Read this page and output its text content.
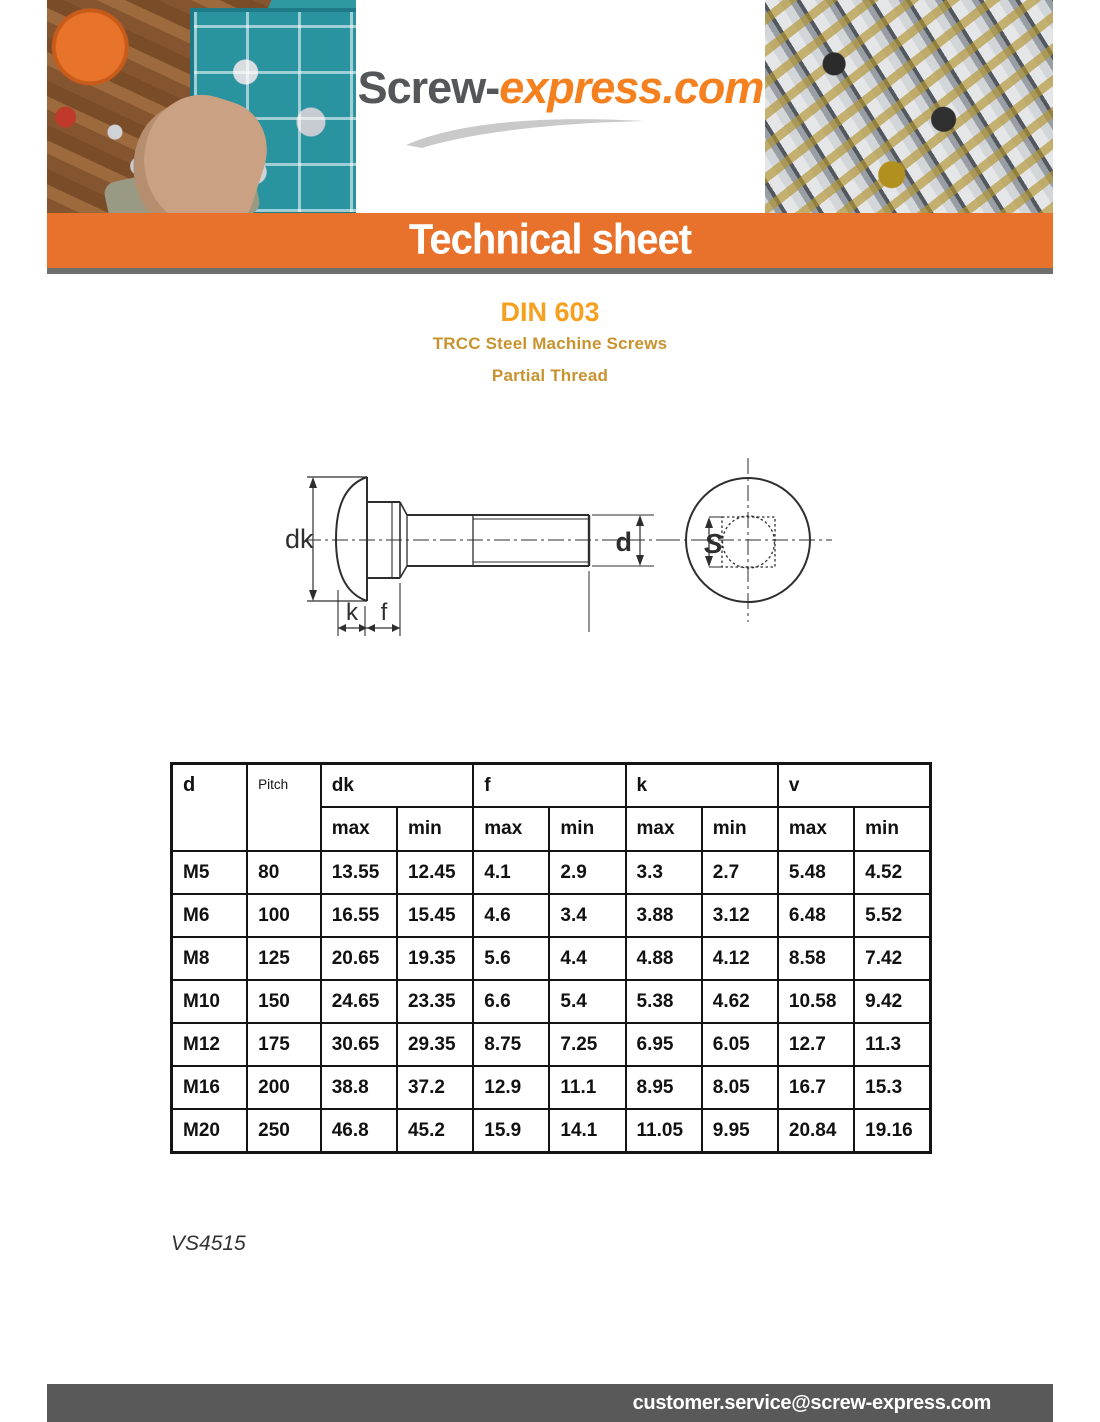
Screw-express.com
Technical sheet
DIN 603
TRCC Steel Machine Screws
Partial Thread
dk
k f
d	S
d	Pitch	dk		f		k		v	
		max	min	max	min	max	min	max	min
M5	80	13.55	12.45	4.1	2.9	3.3	2.7	5.48	4.52
M6	100	16.55	15.45	4.6	3.4	3.88	3.12	6.48	5.52
M8	125	20.65	19.35	5.6	4.4	4.88	4.12	8.58	7.42
M10	150	24.65	23.35	6.6	5.4	5.38	4.62	10.58	9.42
M12	175	30.65	29.35	8.75	7.25	6.95	6.05	12.7	11.3
M16	200	38.8	37.2	12.9	11.1	8.95	8.05	16.7	15.3
M20	250	46.8	45.2	15.9	14.1	11.05	9.95	20.84	19.16
VS4515
customer.service@screw-express.com
